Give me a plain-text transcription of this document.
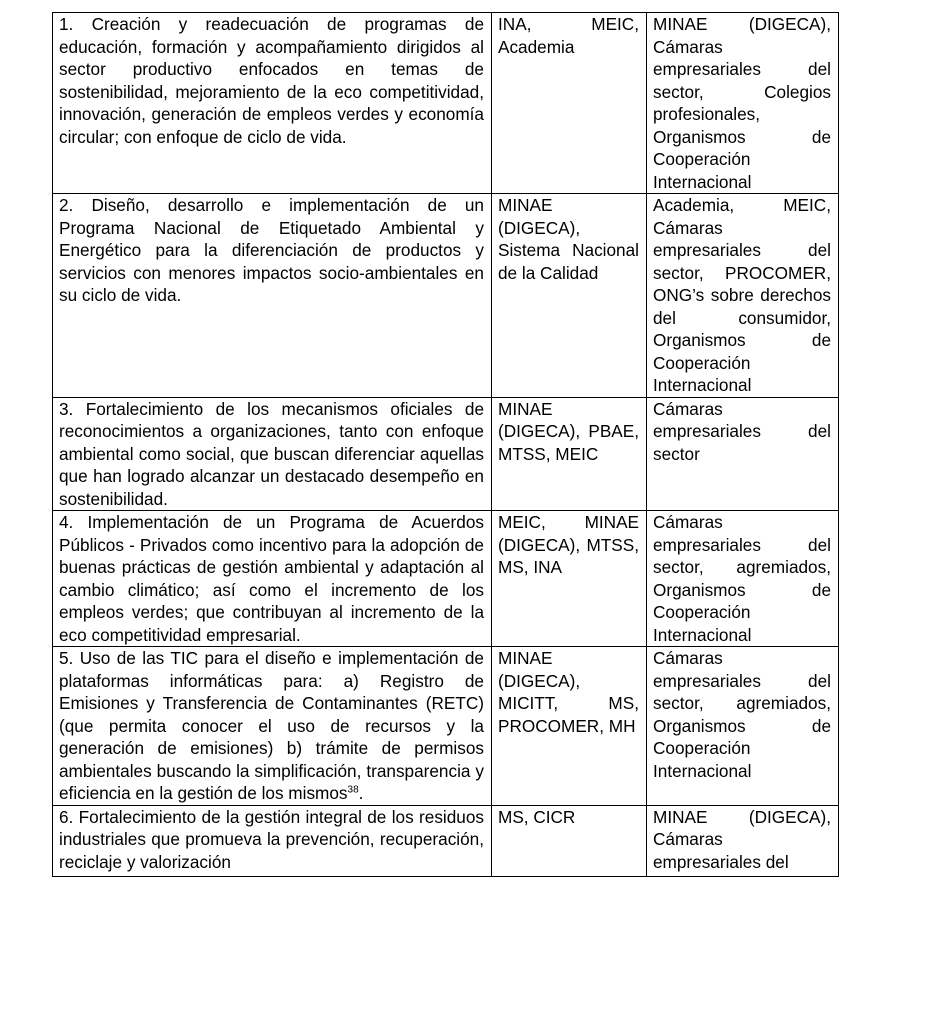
1. Creación y readecuación de programas de educación, formación y acompañamiento dirigidos al sector productivo enfocados en temas de sostenibilidad, mejoramiento de la eco competitividad, innovación, generación de empleos verdes y economía circular; con enfoque de ciclo de vida.	INA, MEIC, Academia	MINAE (DIGECA), Cámaras empresariales del sector, Colegios profesionales, Organismos de Cooperación Internacional
2. Diseño, desarrollo e implementación de un Programa Nacional de Etiquetado Ambiental y Energético para la diferenciación de productos y servicios con menores impactos socio-ambientales en su ciclo de vida.	MINAE (DIGECA), Sistema Nacional de la Calidad	Academia, MEIC, Cámaras empresariales del sector, PROCOMER, ONG’s sobre derechos del consumidor, Organismos de Cooperación Internacional
3. Fortalecimiento de los mecanismos oficiales de reconocimientos a organizaciones, tanto con enfoque ambiental como social, que buscan diferenciar aquellas que han logrado alcanzar un destacado desempeño en sostenibilidad.	MINAE (DIGECA), PBAE, MTSS, MEIC	Cámaras empresariales del sector
4. Implementación de un Programa de Acuerdos Públicos - Privados como incentivo para la adopción de buenas prácticas de gestión ambiental y adaptación al cambio climático; así como el incremento de los empleos verdes; que contribuyan al incremento de la eco competitividad empresarial.	MEIC, MINAE (DIGECA), MTSS, MS, INA	Cámaras empresariales del sector, agremiados, Organismos de Cooperación Internacional
5. Uso de las TIC para el diseño e implementación de plataformas informáticas para: a) Registro de Emisiones y Transferencia de Contaminantes (RETC) (que permita conocer el uso de recursos y la generación de emisiones) b) trámite de permisos ambientales buscando la simplificación, transparencia y eficiencia en la gestión de los mismos$^{38}$.	MINAE (DIGECA), MICITT, MS, PROCOMER, MH	Cámaras empresariales del sector, agremiados, Organismos de Cooperación Internacional
6. Fortalecimiento de la gestión integral de los residuos industriales que promueva la prevención, recuperación, reciclaje y valorización	MS, CICR	MINAE (DIGECA), Cámaras empresariales del
